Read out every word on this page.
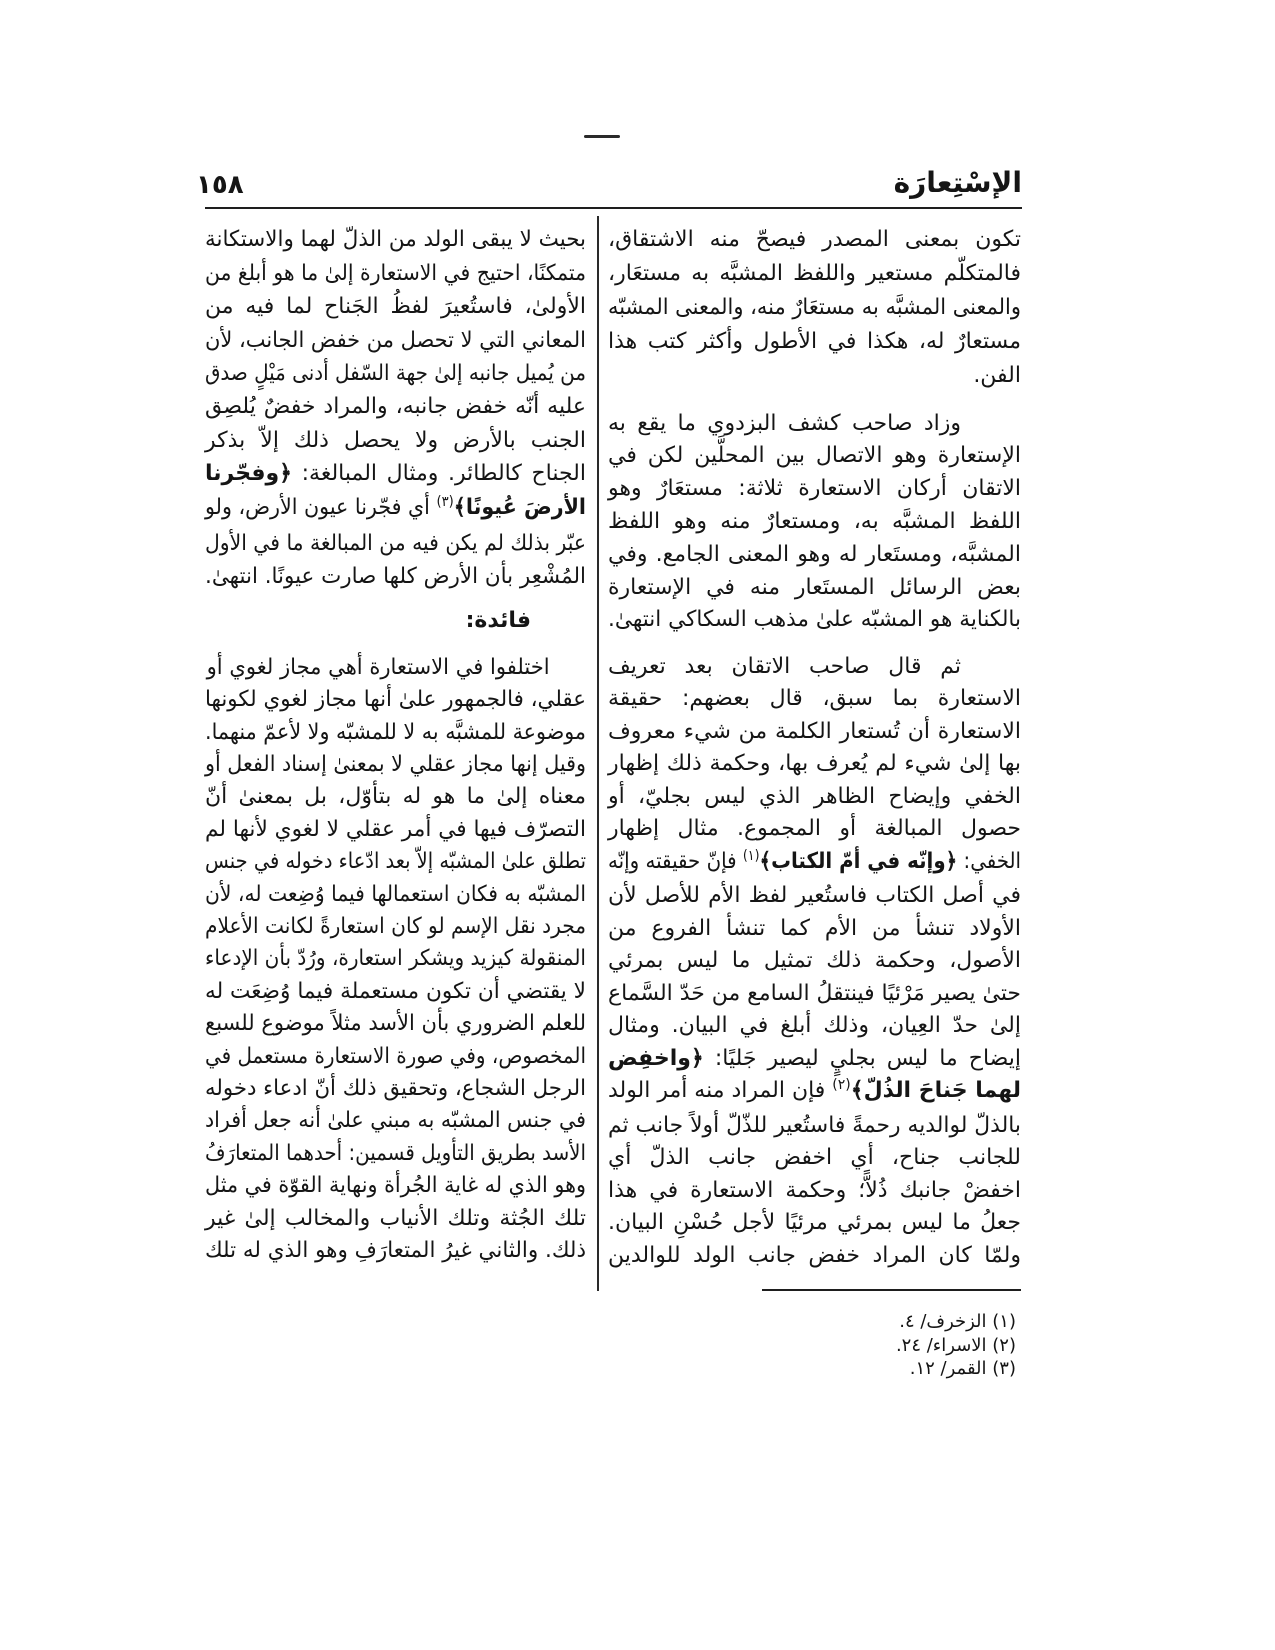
الإسْتِعارَة
١٥٨
تكون بمعنى المصدر فيصحّ منه الاشتقاق،
فالمتكلّم مستعير واللفظ المشبَّه به مستعَار،
والمعنى المشبَّه به مستعَارٌ منه، والمعنى المشبّه
مستعارٌ له، هكذا في الأطول وأكثر كتب هذا
الفن.
وزاد صاحب كشف البزدوي ما يقع به
الإستعارة وهو الاتصال بين المحلَّين لكن في
الاتقان أركان الاستعارة ثلاثة: مستعَارٌ وهو
اللفظ المشبَّه به، ومستعارٌ منه وهو اللفظ
المشبَّه، ومستَعار له وهو المعنى الجامع. وفي
بعض الرسائل المستَعار منه في الإستعارة
بالكناية هو المشبّه علىٰ مذهب السكاكي انتهىٰ.
ثم قال صاحب الاتقان بعد تعريف
الاستعارة بما سبق، قال بعضهم: حقيقة
الاستعارة أن تُستعار الكلمة من شيء معروف
بها إلىٰ شيء لم يُعرف بها، وحكمة ذلك إظهار
الخفي وإيضاح الظاهر الذي ليس بجليّ، أو
حصول المبالغة أو المجموع. مثال إظهار
الخفي: ﴿وإنّه في أمّ الكتاب﴾$^{(١)}$ فإنّ حقيقته وإنّه
في أصل الكتاب فاستُعير لفظ الأم للأصل لأن
الأولاد تنشأ من الأم كما تنشأ الفروع من
الأصول، وحكمة ذلك تمثيل ما ليس بمرئي
حتىٰ يصير مَرْئيًا فينتقلُ السامع من حَدّ السَّماع
إلىٰ حدّ العِيان، وذلك أبلغ في البيان. ومثال
إيضاح ما ليس بجليٍ ليصير جَليًا: ﴿واخفِض
لهما جَناحَ الذُلّ﴾$^{(٢)}$ فإن المراد منه أمر الولد
بالذلّ لوالديه رحمةً فاستُعير للذّلّ أولاً جانب ثم
للجانب جناح، أي اخفض جانب الذلّ أي
اخفضْ جانبك ذُلاًّ؛ وحكمة الاستعارة في هذا
جعلُ ما ليس بمرئي مرئيًا لأجل حُسْنِ البيان.
ولمّا كان المراد خفض جانب الولد للوالدين
بحيث لا يبقى الولد من الذلّ لهما والاستكانة
متمكنًا، احتيج في الاستعارة إلىٰ ما هو أبلغ من
الأولىٰ، فاستُعيرَ لفظُ الجَناح لما فيه من
المعاني التي لا تحصل من خفض الجانب، لأن
من يُميل جانبه إلىٰ جهة السّفل أدنى مَيْلٍ صدق
عليه أنّه خفض جانبه، والمراد خفضٌ يُلصِق
الجنب بالأرض ولا يحصل ذلك إلاّ بذكر
الجناح كالطائر. ومثال المبالغة: ﴿وفجّرنا
الأرضَ عُيونًا﴾$^{(٣)}$ أي فجّرنا عيون الأرض، ولو
عبّر بذلك لم يكن فيه من المبالغة ما في الأول
المُشْعِر بأن الأرض كلها صارت عيونًا. انتهىٰ.
فائدة:
اختلفوا في الاستعارة أهي مجاز لغوي أو
عقلي، فالجمهور علىٰ أنها مجاز لغوي لكونها
موضوعة للمشبَّه به لا للمشبّه ولا لأعمّ منهما.
وقيل إنها مجاز عقلي لا بمعنىٰ إسناد الفعل أو
معناه إلىٰ ما هو له بتأوّل، بل بمعنىٰ أنّ
التصرّف فيها في أمر عقلي لا لغوي لأنها لم
تطلق علىٰ المشبّه إلاّ بعد ادّعاء دخوله في جنس
المشبّه به فكان استعمالها فيما وُضِعت له، لأن
مجرد نقل الإسم لو كان استعارةً لكانت الأعلام
المنقولة كيزيد ويشكر استعارة، ورُدّ بأن الإدعاء
لا يقتضي أن تكون مستعملة فيما وُضِعَت له
للعلم الضروري بأن الأسد مثلاً موضوع للسبع
المخصوص، وفي صورة الاستعارة مستعمل في
الرجل الشجاع، وتحقيق ذلك أنّ ادعاء دخوله
في جنس المشبّه به مبني علىٰ أنه جعل أفراد
الأسد بطريق التأويل قسمين: أحدهما المتعارَفُ
وهو الذي له غاية الجُرأة ونهاية القوّة في مثل
تلك الجُثة وتلك الأنياب والمخالب إلىٰ غير
ذلك. والثاني غيرُ المتعارَفِ وهو الذي له تلك
(١) الزخرف/ ٤.
(٢) الاسراء/ ٢٤.
(٣) القمر/ ١٢.
